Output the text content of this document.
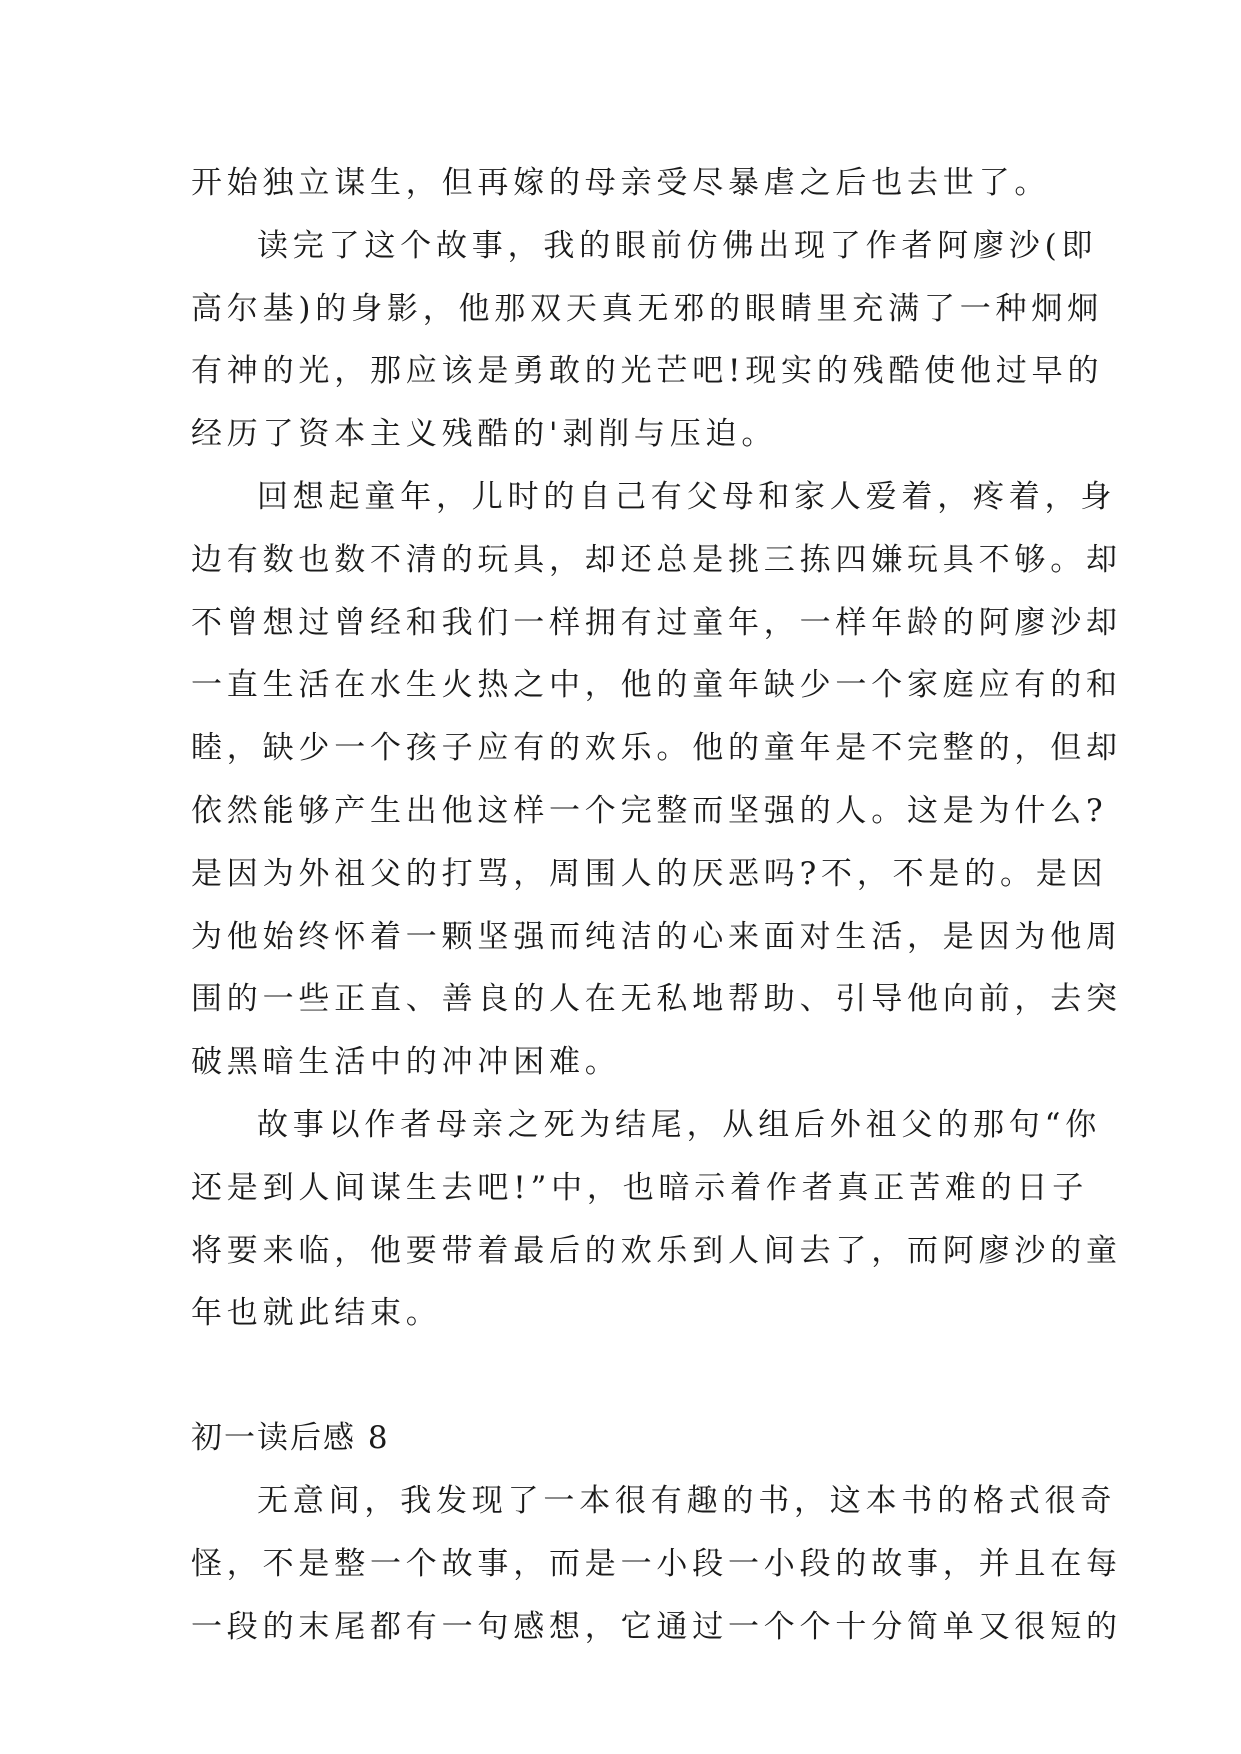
开始独立谋生，但再嫁的母亲受尽暴虐之后也去世了。
读完了这个故事，我的眼前仿佛出现了作者阿廖沙(即
高尔基)的身影，他那双天真无邪的眼睛里充满了一种炯炯
有神的光，那应该是勇敢的光芒吧!现实的残酷使他过早的
经历了资本主义残酷的'剥削与压迫。
回想起童年，儿时的自己有父母和家人爱着，疼着，身
边有数也数不清的玩具，却还总是挑三拣四嫌玩具不够。却
不曾想过曾经和我们一样拥有过童年，一样年龄的阿廖沙却
一直生活在水生火热之中，他的童年缺少一个家庭应有的和
睦，缺少一个孩子应有的欢乐。他的童年是不完整的，但却
依然能够产生出他这样一个完整而坚强的人。这是为什么?
是因为外祖父的打骂，周围人的厌恶吗?不，不是的。是因
为他始终怀着一颗坚强而纯洁的心来面对生活，是因为他周
围的一些正直、善良的人在无私地帮助、引导他向前，去突
破黑暗生活中的冲冲困难。
故事以作者母亲之死为结尾，从组后外祖父的那句“你
还是到人间谋生去吧!”中，也暗示着作者真正苦难的日子
将要来临，他要带着最后的欢乐到人间去了，而阿廖沙的童
年也就此结束。
初一读后感 8
无意间，我发现了一本很有趣的书，这本书的格式很奇
怪，不是整一个故事，而是一小段一小段的故事，并且在每
一段的末尾都有一句感想，它通过一个个十分简单又很短的
